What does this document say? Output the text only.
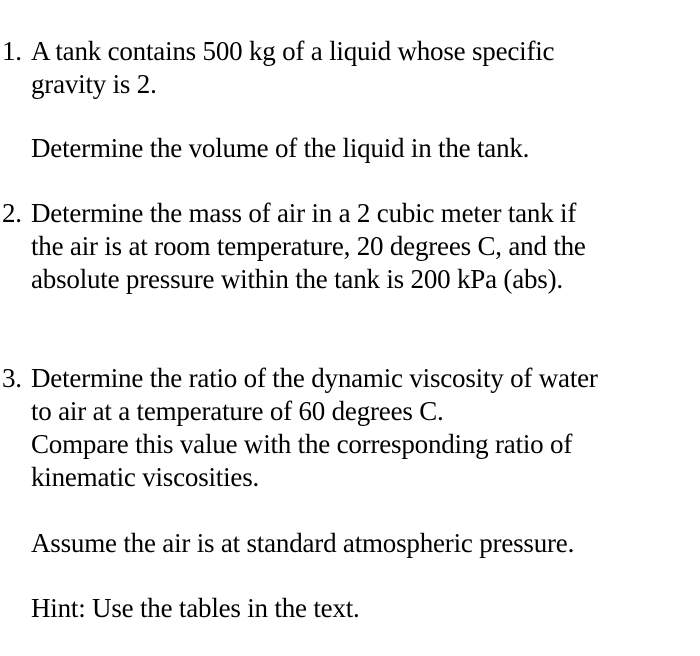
1. A tank contains 500 kg of a liquid whose specific
gravity is 2.
Determine the volume of the liquid in the tank.
2. Determine the mass of air in a 2 cubic meter tank if
the air is at room temperature, 20 degrees C, and the
absolute pressure within the tank is 200 kPa (abs).
3. Determine the ratio of the dynamic viscosity of water
to air at a temperature of 60 degrees C.
Compare this value with the corresponding ratio of
kinematic viscosities.
Assume the air is at standard atmospheric pressure.
Hint: Use the tables in the text.
